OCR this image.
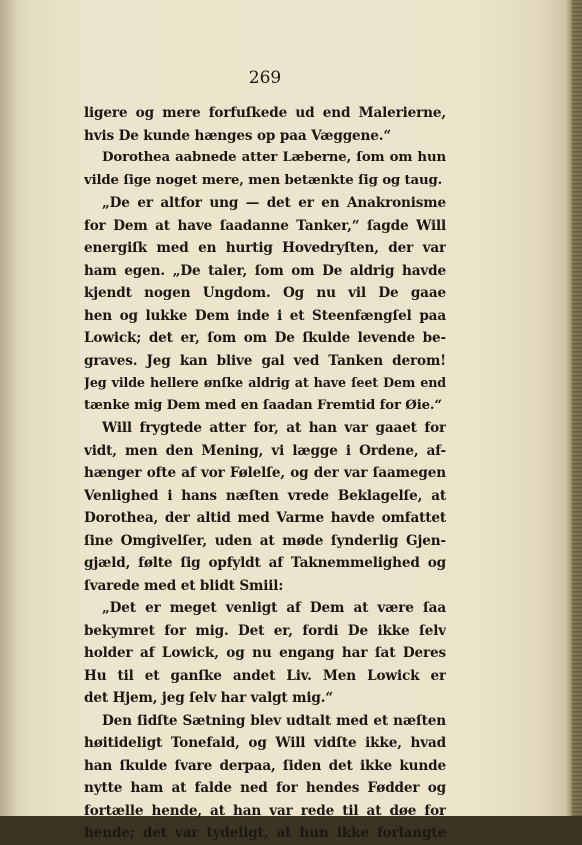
269
ligere og mere forfuſkede ud end Malerierne,
hvis De kunde hænges op paa Væggene.“
Dorothea aabnede atter Læberne, ſom om hun
vilde ſige noget mere, men betænkte ſig og taug.
„De er altfor ung — det er en Anakronisme
for Dem at have ſaadanne Tanker,“ ſagde Will
energiſk med en hurtig Hovedryſten, der var
ham egen. „De taler, ſom om De aldrig havde
kjendt nogen Ungdom. Og nu vil De gaae
hen og lukke Dem inde i et Steenfængſel paa
Lowick; det er, ſom om De ſkulde levende be-
graves. Jeg kan blive gal ved Tanken derom!
Jeg vilde hellere ønſke aldrig at have ſeet Dem end
tænke mig Dem med en ſaadan Fremtid for Øie.“
Will frygtede atter for, at han var gaaet for
vidt, men den Mening, vi lægge i Ordene, af-
hænger ofte af vor Følelſe, og der var ſaamegen
Venlighed i hans næſten vrede Beklagelſe, at
Dorothea, der altid med Varme havde omfattet
ſine Omgivelſer, uden at møde ſynderlig Gjen-
gjæld, følte ſig opfyldt af Taknemmelighed og
ſvarede med et blidt Smiil:
„Det er meget venligt af Dem at være ſaa
bekymret for mig. Det er, fordi De ikke ſelv
holder af Lowick, og nu engang har ſat Deres
Hu til et ganſke andet Liv. Men Lowick er
det Hjem, jeg ſelv har valgt mig.“
Den ſidſte Sætning blev udtalt med et næſten
høitideligt Tonefald, og Will vidſte ikke, hvad
han ſkulde ſvare derpaa, ſiden det ikke kunde
nytte ham at falde ned for hendes Fødder og
fortælle hende, at han var rede til at døe for
hende; det var tydeligt, at hun ikke forlangte
